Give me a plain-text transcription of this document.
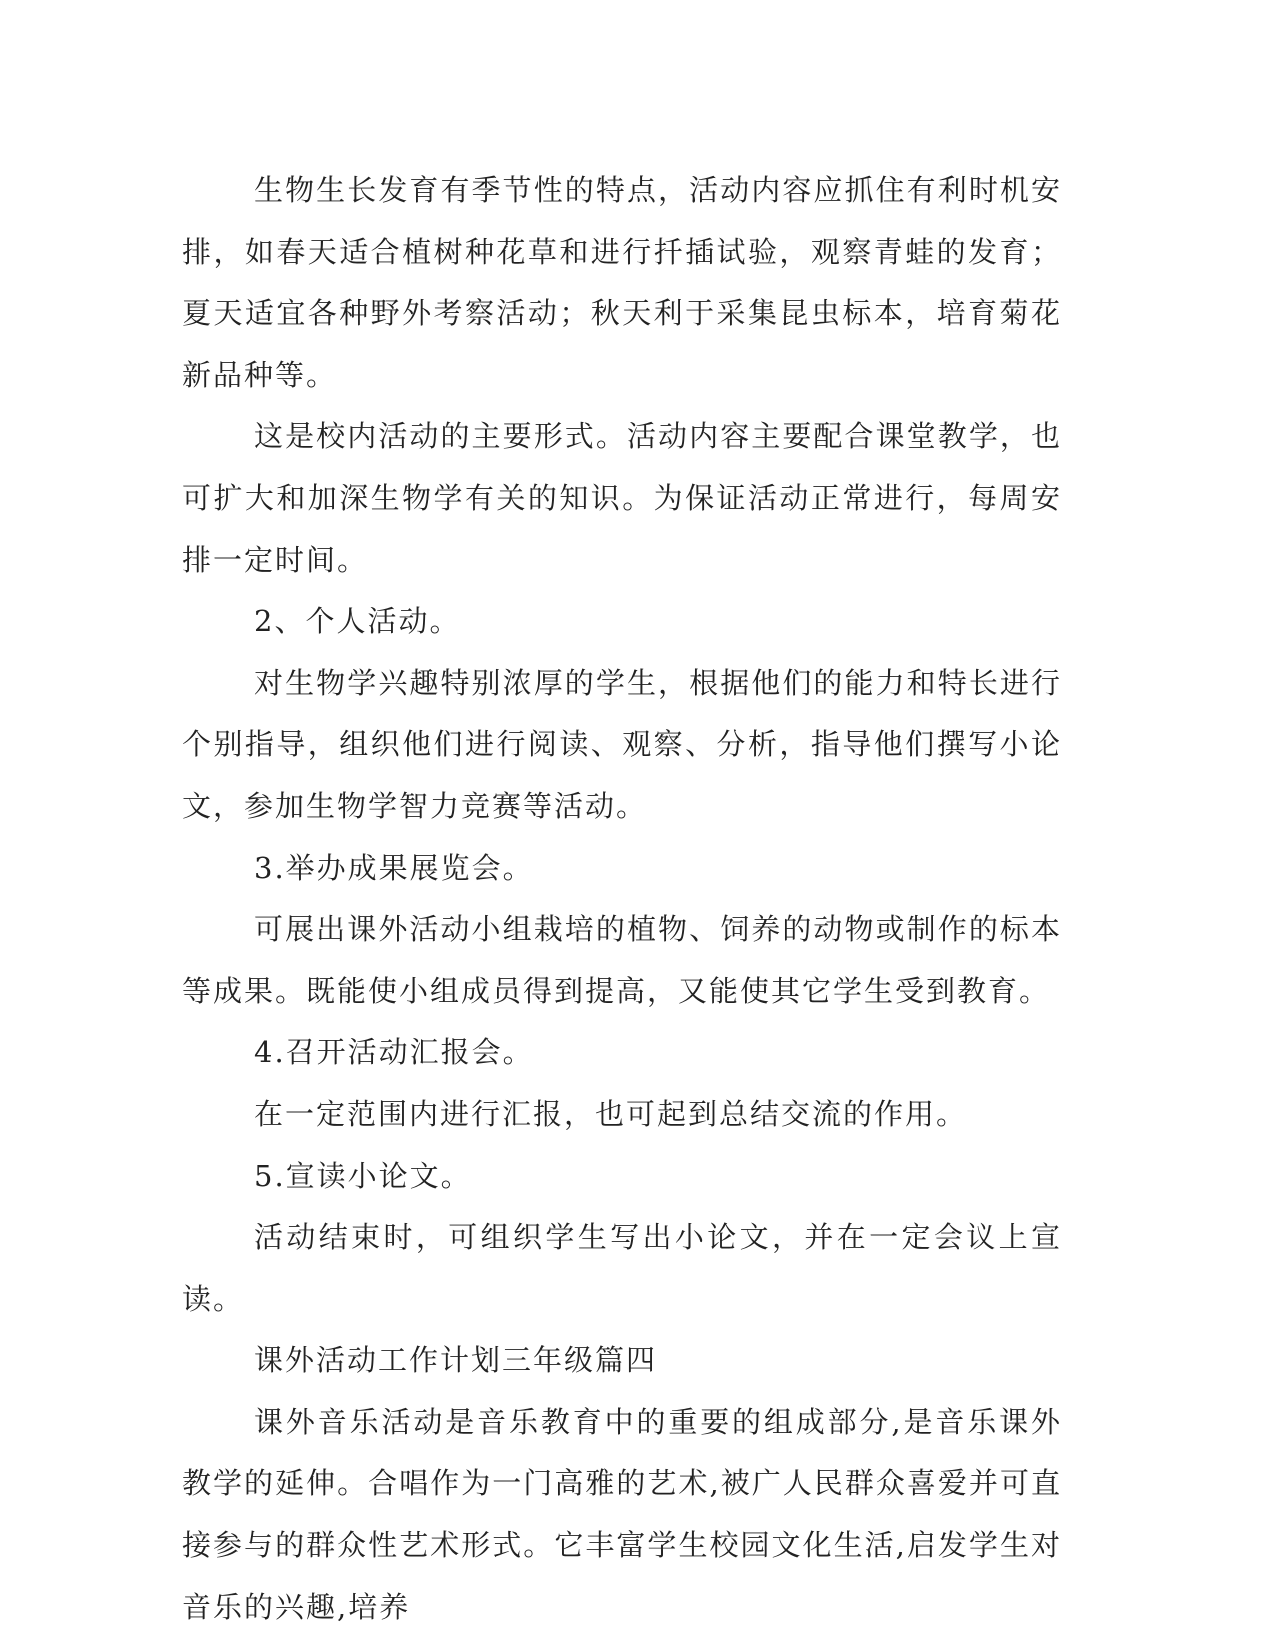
生物生长发育有季节性的特点，活动内容应抓住有利时机安排，如春天适合植树种花草和进行扦插试验，观察青蛙的发育；夏天适宜各种野外考察活动；秋天利于采集昆虫标本，培育菊花新品种等。

这是校内活动的主要形式。活动内容主要配合课堂教学，也可扩大和加深生物学有关的知识。为保证活动正常进行，每周安排一定时间。

2、个人活动。

对生物学兴趣特别浓厚的学生，根据他们的能力和特长进行个别指导，组织他们进行阅读、观察、分析，指导他们撰写小论文，参加生物学智力竞赛等活动。

3.举办成果展览会。

可展出课外活动小组栽培的植物、饲养的动物或制作的标本等成果。既能使小组成员得到提高，又能使其它学生受到教育。

4.召开活动汇报会。

在一定范围内进行汇报，也可起到总结交流的作用。

5.宣读小论文。

活动结束时，可组织学生写出小论文，并在一定会议上宣读。

课外活动工作计划三年级篇四

课外音乐活动是音乐教育中的重要的组成部分,是音乐课外教学的延伸。合唱作为一门高雅的艺术,被广人民群众喜爱并可直接参与的群众性艺术形式。它丰富学生校园文化生活,启发学生对音乐的兴趣,培养
